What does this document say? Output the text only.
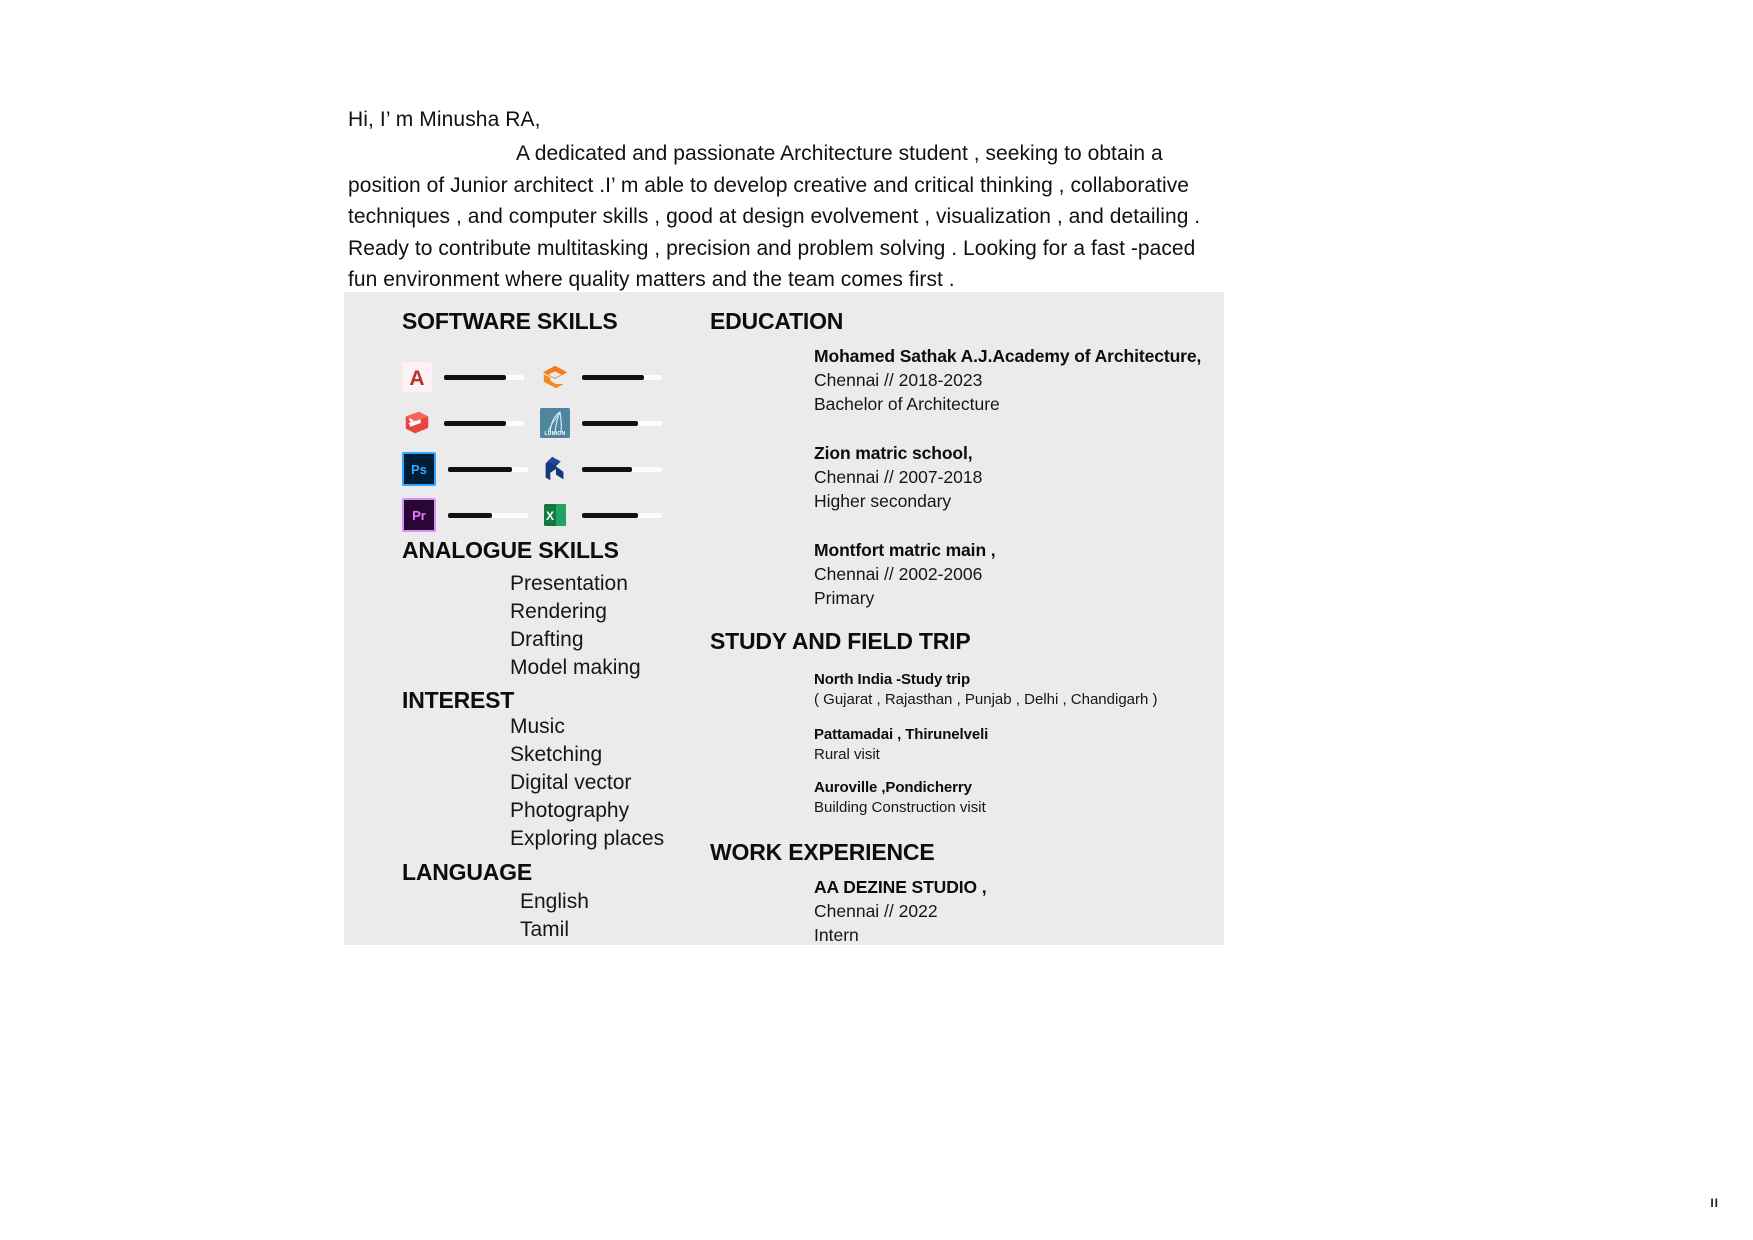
Hi, I’ m Minusha RA,
A dedicated and passionate Architecture student , seeking to obtain a position of Junior architect .I’ m able to develop creative and critical thinking , collaborative techniques , and computer skills , good at design evolvement , visualization , and detailing . Ready to contribute multitasking , precision and problem solving . Looking for a fast -paced fun environment where quality matters and the team comes first .
SOFTWARE SKILLS
A
LUMION
Ps
Pr	X
ANALOGUE SKILLS
Presentation
Rendering
Drafting
Model making
INTEREST
Music
Sketching
Digital vector
Photography
Exploring places
LANGUAGE
English
Tamil
EDUCATION
Mohamed Sathak A.J.Academy of Architecture,
Chennai // 2018-2023
Bachelor of Architecture
Zion matric school,
Chennai // 2007-2018
Higher secondary
Montfort matric main ,
Chennai // 2002-2006
Primary
STUDY AND FIELD TRIP
North India -Study trip
( Gujarat , Rajasthan , Punjab , Delhi , Chandigarh )
Pattamadai , Thirunelveli
Rural visit
Auroville ,Pondicherry
Building Construction visit
WORK EXPERIENCE
AA DEZINE STUDIO ,
Chennai // 2022
Intern
II
